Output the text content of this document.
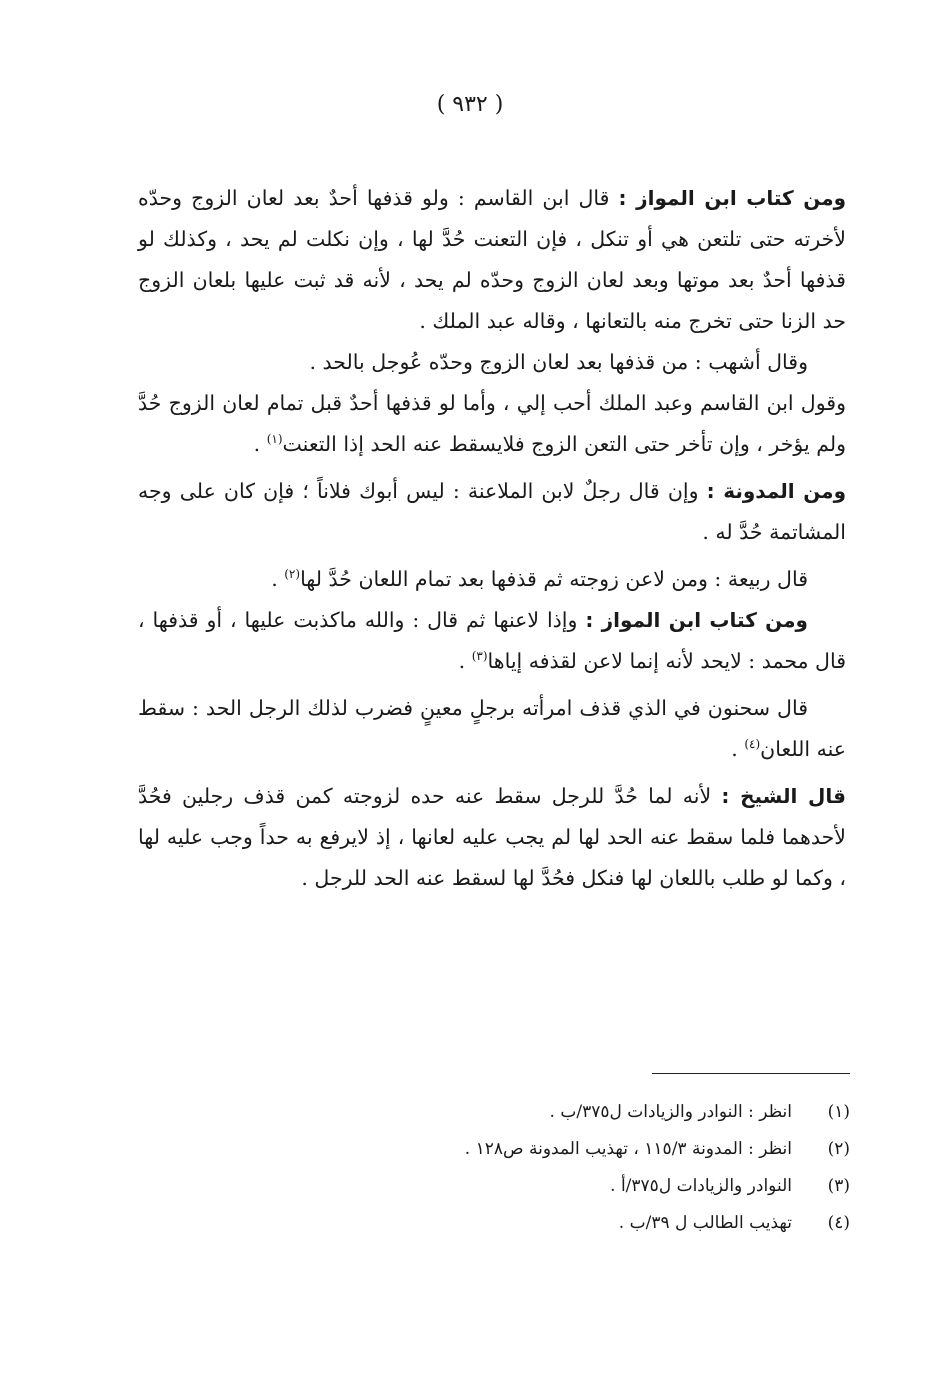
( ٩٣٢ )

ومن كتاب ابن المواز : قال ابن القاسم : ولو قذفها أحدٌ بعد لعان الزوج وحدّه لأخرته حتى تلتعن هي أو تنكل ، فإن التعنت حُدَّ لها ، وإن نكلت لم يحد ، وكذلك لو قذفها أحدٌ بعد موتها وبعد لعان الزوج وحدّه لم يحد ، لأنه قد ثبت عليها بلعان الزوج حد الزنا حتى تخرج منه بالتعانها ، وقاله عبد الملك .

وقال أشهب : من قذفها بعد لعان الزوج وحدّه عُوجل بالحد .

وقول ابن القاسم وعبد الملك أحب إلي ، وأما لو قذفها أحدٌ قبل تمام لعان الزوج حُدَّ ولم يؤخر ، وإن تأخر حتى التعن الزوج فلايسقط عنه الحد إذا التعنت$^{(١)}$ .

ومن المدونة : وإن قال رجلٌ لابن الملاعنة : ليس أبوك فلاناً ؛ فإن كان على وجه المشاتمة حُدَّ له .

قال ربيعة : ومن لاعن زوجته ثم قذفها بعد تمام اللعان حُدَّ لها$^{(٢)}$ .

ومن كتاب ابن المواز : وإذا لاعنها ثم قال : والله ماكذبت عليها ، أو قذفها ، قال محمد : لايحد لأنه إنما لاعن لقذفه إياها$^{(٣)}$ .

قال سحنون في الذي قذف امرأته برجلٍ معينٍ فضرب لذلك الرجل الحد : سقط عنه اللعان$^{(٤)}$ .

قال الشيخ : لأنه لما حُدَّ للرجل سقط عنه حده لزوجته كمن قذف رجلين فحُدَّ لأحدهما فلما سقط عنه الحد لها لم يجب عليه لعانها ، إذ لايرفع به حداً وجب عليه لها ، وكما لو طلب باللعان لها فنكل فحُدَّ لها لسقط عنه الحد للرجل .

(١)
انظر : النوادر والزيادات ل٣٧٥/ب .
(٢)
انظر : المدونة ١١٥/٣ ، تهذيب المدونة ص١٢٨ .
(٣)
النوادر والزيادات ل٣٧٥/أ .
(٤)
تهذيب الطالب ل ٣٩/ب .
